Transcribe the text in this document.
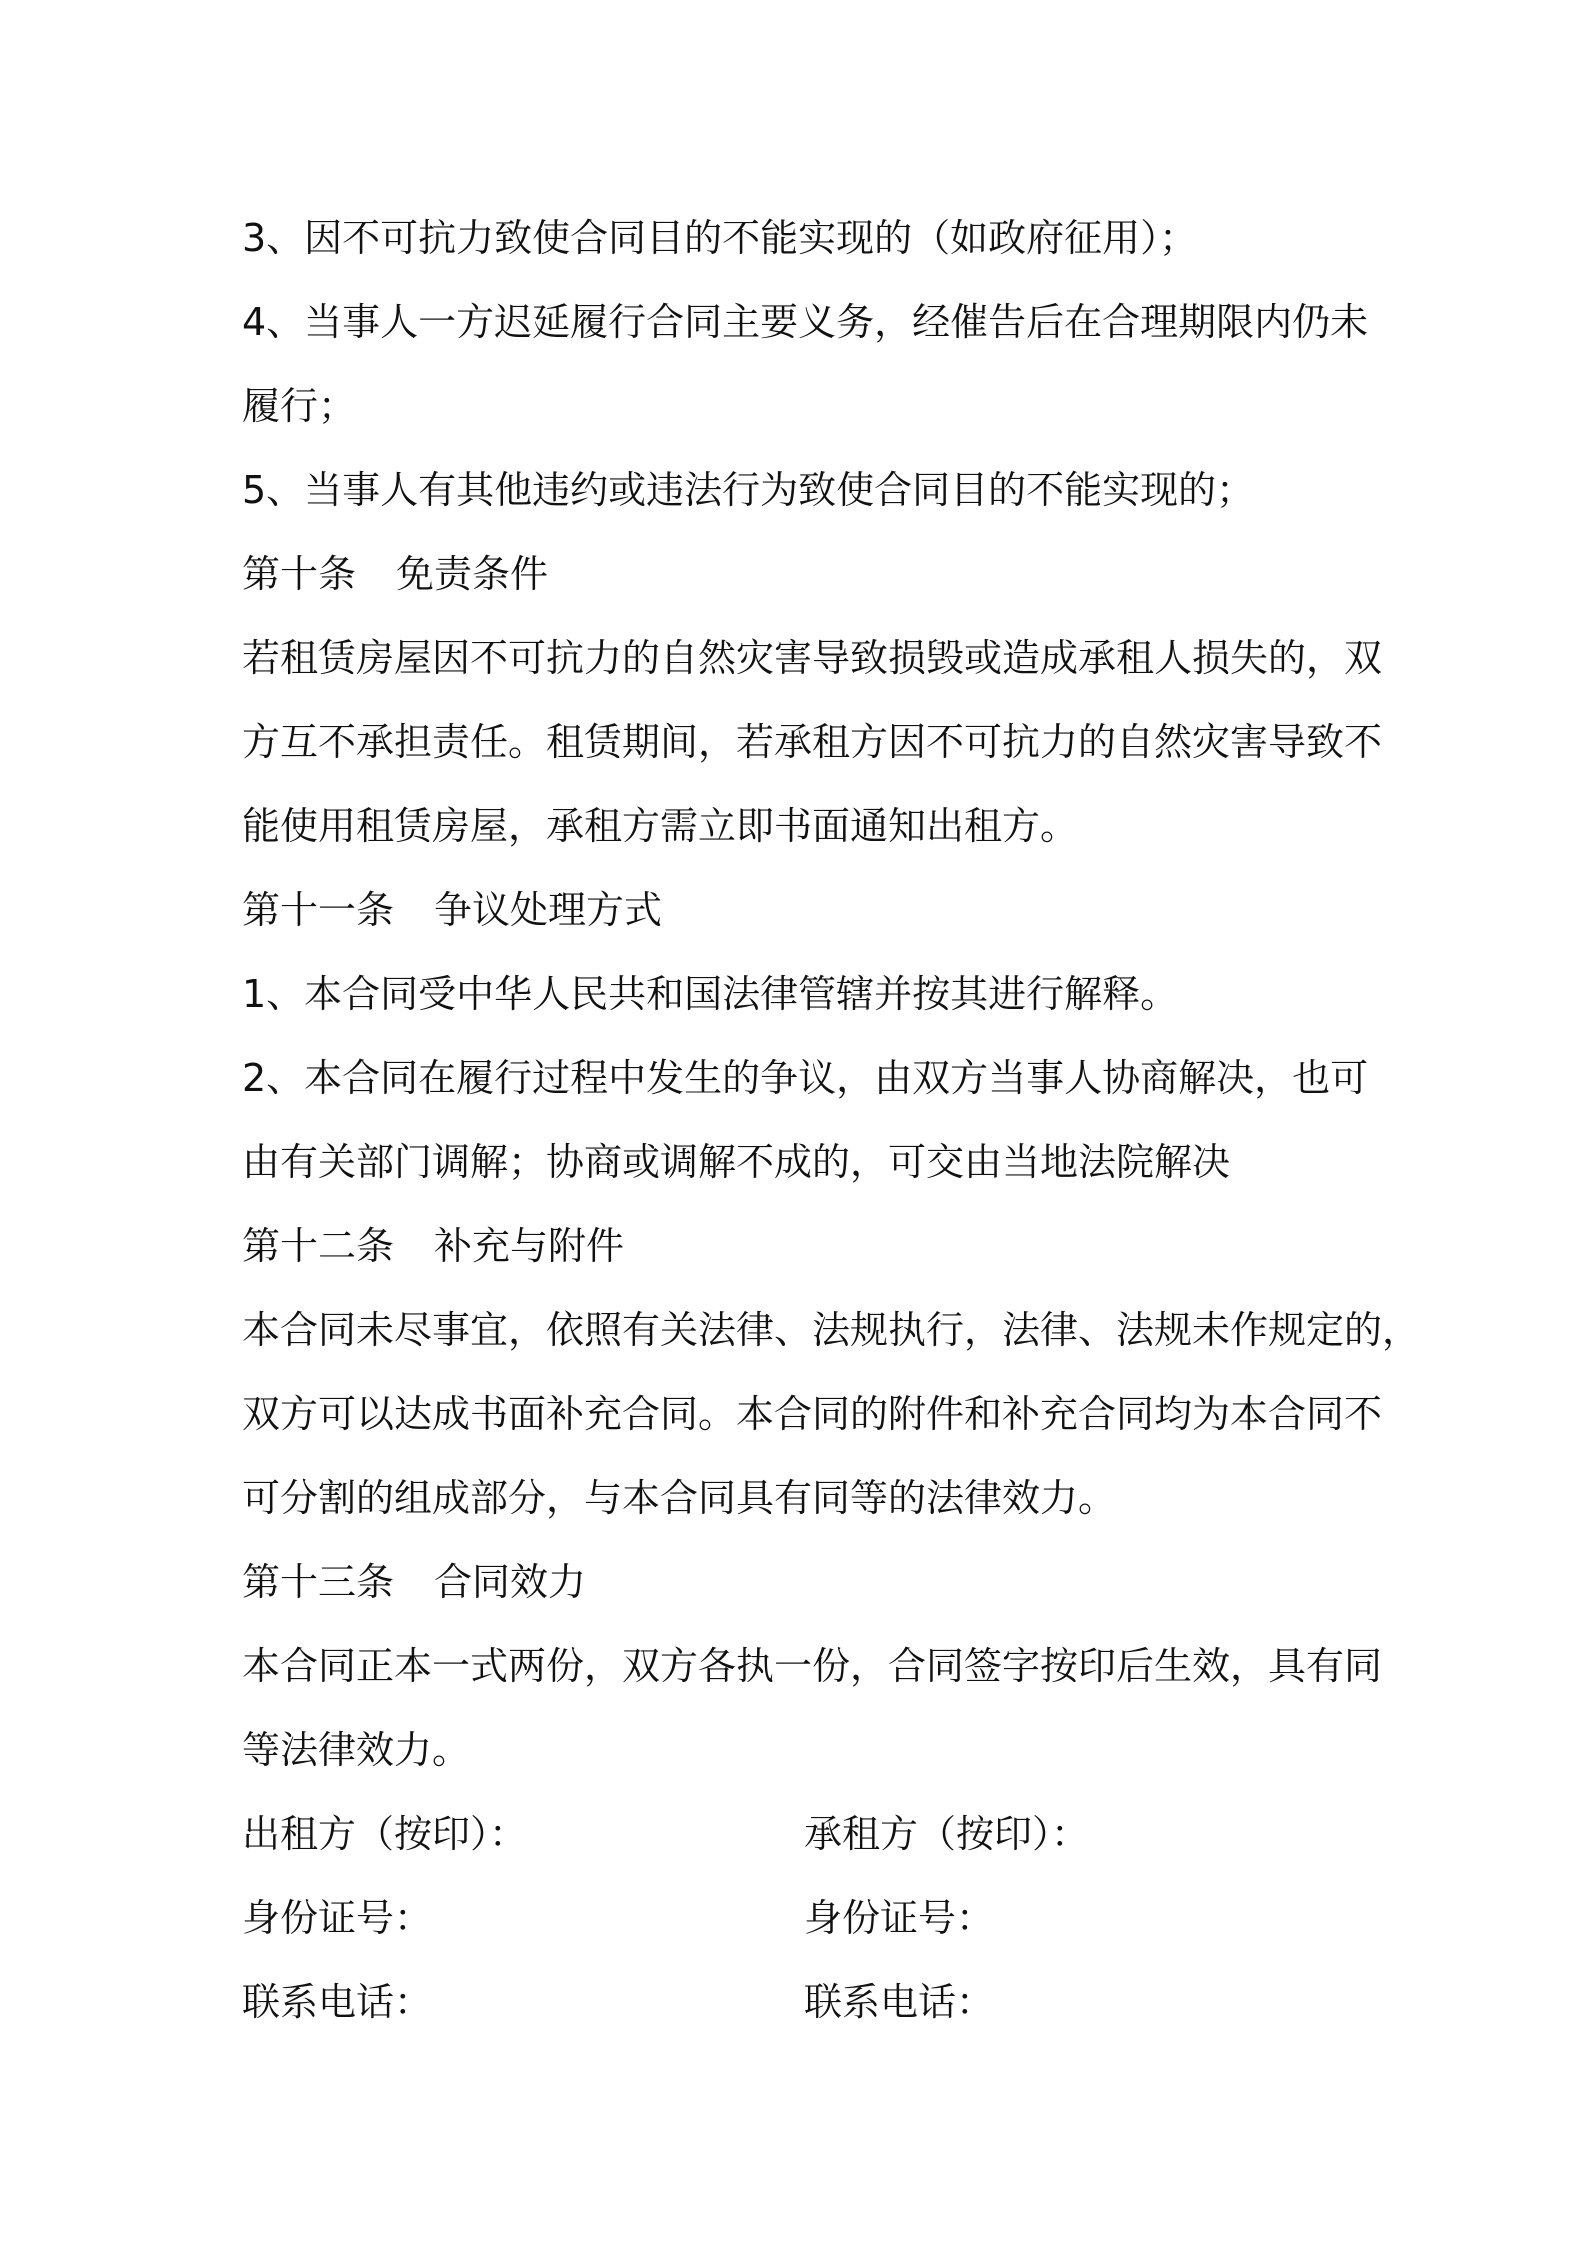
3、因不可抗力致使合同目的不能实现的（如政府征用）；
4、当事人一方迟延履行合同主要义务，经催告后在合理期限内仍未
履行；
5、当事人有其他违约或违法行为致使合同目的不能实现的；
第十条 免责条件
若租赁房屋因不可抗力的自然灾害导致损毁或造成承租人损失的，双
方互不承担责任。租赁期间，若承租方因不可抗力的自然灾害导致不
能使用租赁房屋，承租方需立即书面通知出租方。
第十一条 争议处理方式
1、本合同受中华人民共和国法律管辖并按其进行解释。
2、本合同在履行过程中发生的争议，由双方当事人协商解决，也可
由有关部门调解；协商或调解不成的，可交由当地法院解决
第十二条 补充与附件
本合同未尽事宜，依照有关法律、法规执行，法律、法规未作规定的，
双方可以达成书面补充合同。本合同的附件和补充合同均为本合同不
可分割的组成部分，与本合同具有同等的法律效力。
第十三条 合同效力
本合同正本一式两份，双方各执一份，合同签字按印后生效，具有同
等法律效力。
出租方（按印）：	承租方（按印）：
身份证号：	身份证号：
联系电话：	联系电话：
